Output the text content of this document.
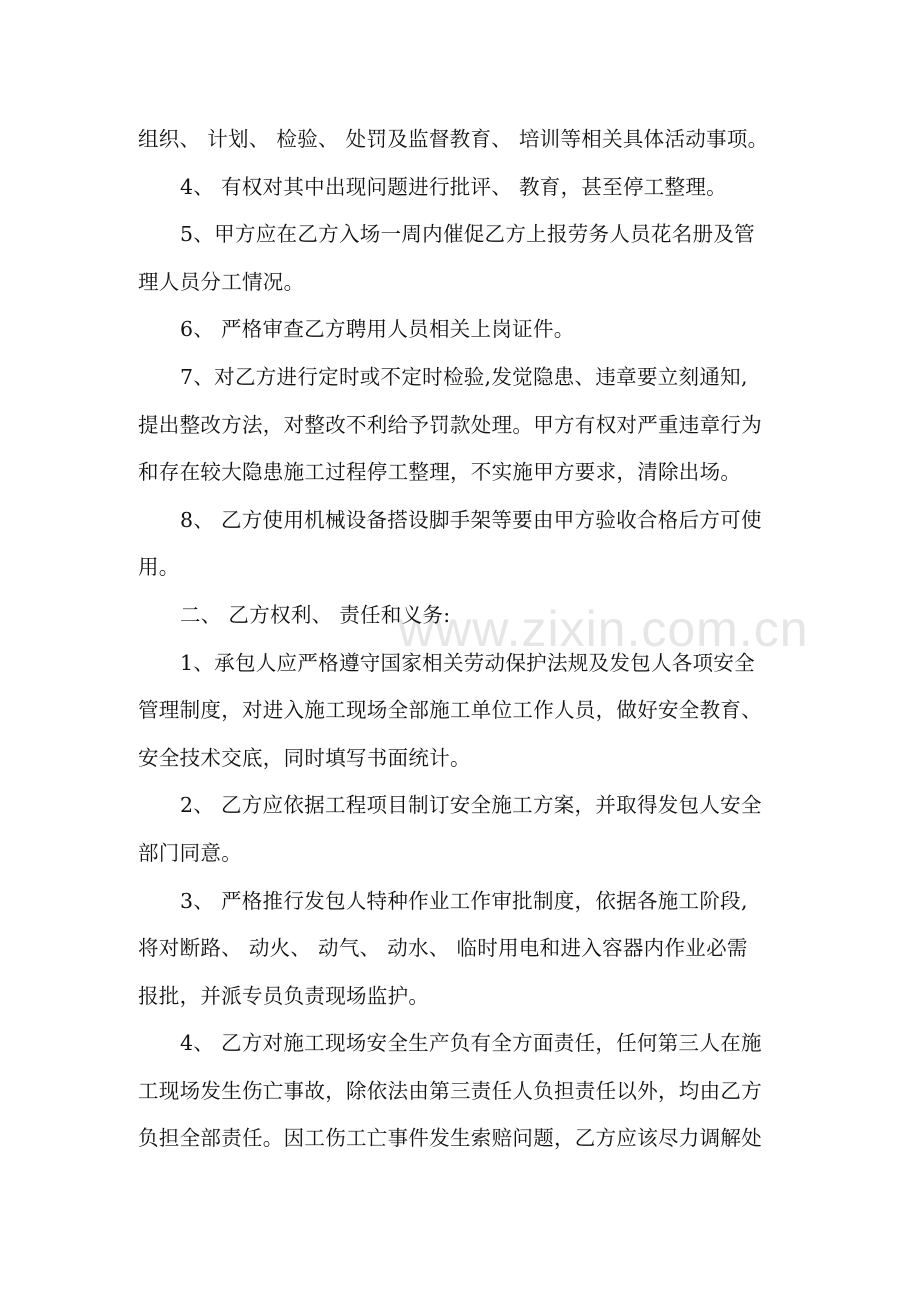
www.zixin.com.cn
组织、 计划、 检验、 处罚及监督教育、 培训等相关具体活动事项。
4、 有权对其中出现问题进行批评、 教育，甚至停工整理。
5、甲方应在乙方入场一周内催促乙方上报劳务人员花名册及管
理人员分工情况。
6、 严格审查乙方聘用人员相关上岗证件。
7、对乙方进行定时或不定时检验,发觉隐患、违章要立刻通知,
提出整改方法，对整改不利给予罚款处理。甲方有权对严重违章行为
和存在较大隐患施工过程停工整理，不实施甲方要求，清除出场。
8、 乙方使用机械设备搭设脚手架等要由甲方验收合格后方可使
用。
二、 乙方权利、 责任和义务:
1、承包人应严格遵守国家相关劳动保护法规及发包人各项安全
管理制度，对进入施工现场全部施工单位工作人员，做好安全教育、
安全技术交底，同时填写书面统计。
2、 乙方应依据工程项目制订安全施工方案，并取得发包人安全
部门同意。
3、 严格推行发包人特种作业工作审批制度，依据各施工阶段,
将对断路、 动火、 动气、 动水、 临时用电和进入容器内作业必需
报批，并派专员负责现场监护。
4、 乙方对施工现场安全生产负有全方面责任，任何第三人在施
工现场发生伤亡事故，除依法由第三责任人负担责任以外，均由乙方
负担全部责任。因工伤工亡事件发生索赔问题，乙方应该尽力调解处
